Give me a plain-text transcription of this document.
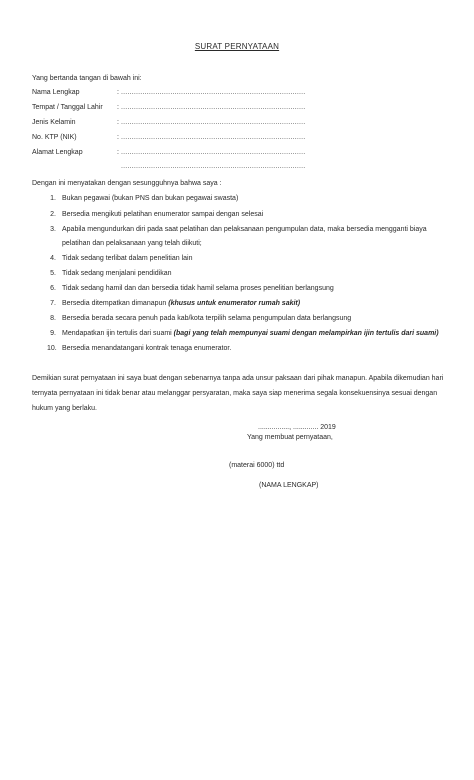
SURAT PERNYATAAN
Yang bertanda tangan di bawah ini:
Nama Lengkap	: ......................................................................................
Tempat / Tanggal Lahir : ......................................................................................
Jenis Kelamin	: ......................................................................................
No. KTP (NIK)	: ......................................................................................
Alamat Lengkap	: ......................................................................................
......................................................................................
Dengan ini menyatakan dengan sesungguhnya bahwa saya :
1. Bukan pegawai (bukan PNS dan bukan pegawai swasta)
2. Bersedia mengikuti pelatihan enumerator sampai dengan selesai
3. Apabila mengundurkan diri pada saat pelatihan dan pelaksanaan pengumpulan data, maka bersedia mengganti biaya
pelatihan dan pelaksanaan yang telah diikuti;
4. Tidak sedang terlibat dalam penelitian lain
5. Tidak sedang menjalani pendidikan
6. Tidak sedang hamil dan dan bersedia tidak hamil selama proses penelitian berlangsung
7. Bersedia ditempatkan dimanapun (khusus untuk enumerator rumah sakit)
8. Bersedia berada secara penuh pada kab/kota terpilih selama pengumpulan data berlangsung
9. Mendapatkan ijin tertulis dari suami (bagi yang telah mempunyai suami dengan melampirkan ijin tertulis dari suami)
10. Bersedia menandatangani kontrak tenaga enumerator.
Demikian surat pernyataan ini saya buat dengan sebenarnya tanpa ada unsur paksaan dari pihak manapun. Apabila dikemudian hari
ternyata pernyataan ini tidak benar atau melanggar persyaratan, maka saya siap menerima segala konsekuensinya sesuai dengan
hukum yang berlaku.
................, ............. 2019
Yang membuat pernyataan,
(materai 6000) ttd
(NAMA LENGKAP)
